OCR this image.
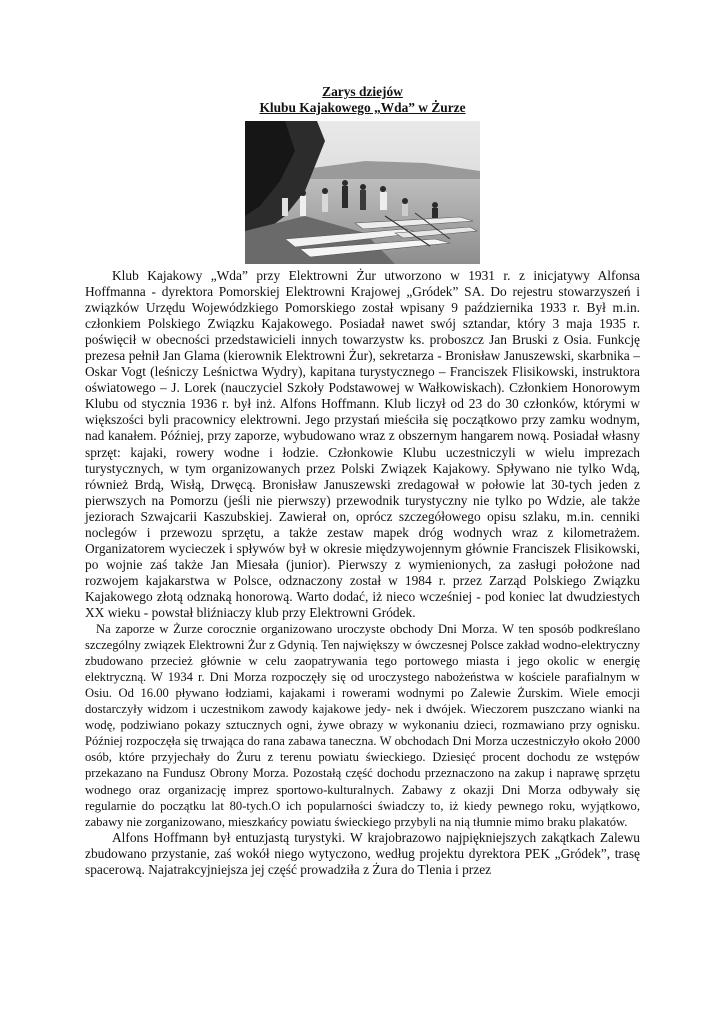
Zarys dziejów

Klubu Kajakowego „Wda” w Żurze

Klub Kajakowy „Wda” przy Elektrowni Żur utworzono w 1931 r. z inicjatywy Alfonsa Hoffmanna - dyrektora Pomorskiej Elektrowni Krajowej „Gródek” SA. Do rejestru stowarzyszeń i związków Urzędu Wojewódzkiego Pomorskiego został wpisany 9 października 1933 r. Był m.in. członkiem Polskiego Związku Kajakowego. Posiadał nawet swój sztandar, który 3 maja 1935 r. poświęcił w obecności przedstawicieli innych towarzystw ks. proboszcz Jan Bruski z Osia. Funkcję prezesa pełnił Jan Glama (kierownik Elektrowni Żur), sekretarza - Bronisław Januszewski, skarbnika – Oskar Vogt (leśniczy Leśnictwa Wydry), kapitana turystycznego – Franciszek Flisikowski, instruktora oświatowego – J. Lorek (nauczyciel Szkoły Podstawowej w Wałkowiskach). Członkiem Honorowym Klubu od stycznia 1936 r. był inż. Alfons Hoffmann. Klub liczył od 23 do 30 członków, którymi w większości byli pracownicy elektrowni. Jego przystań mieściła się początkowo przy zamku wodnym, nad kanałem. Później, przy zaporze, wybudowano wraz z obszernym hangarem nową. Posiadał własny sprzęt: kajaki, rowery wodne i łodzie. Członkowie Klubu uczestniczyli w wielu imprezach turystycznych, w tym organizowanych przez Polski Związek Kajakowy. Spływano nie tylko Wdą, również Brdą, Wisłą, Drwęcą. Bronisław Januszewski zredagował w połowie lat 30-tych jeden z pierwszych na Pomorzu (jeśli nie pierwszy) przewodnik turystyczny nie tylko po Wdzie, ale także jeziorach Szwajcarii Kaszubskiej. Zawierał on, oprócz szczegółowego opisu szlaku, m.in. cenniki noclegów i przewozu sprzętu, a także zestaw mapek dróg wodnych wraz z kilometrażem. Organizatorem wycieczek i spływów był w okresie międzywojennym głównie Franciszek Flisikowski, po wojnie zaś także Jan Miesała (junior). Pierwszy z wymienionych, za zasługi położone nad rozwojem kajakarstwa w Polsce, odznaczony został w 1984 r. przez Zarząd Polskiego Związku Kajakowego złotą odznaką honorową. Warto dodać, iż nieco wcześniej - pod koniec lat dwudziestych XX wieku - powstał bliźniaczy klub przy Elektrowni Gródek.

Na zaporze w Żurze corocznie organizowano uroczyste obchody Dni Morza. W ten sposób podkreślano szczególny związek Elektrowni Żur z Gdynią. Ten największy w ówczesnej Polsce zakład wodno-elektryczny zbudowano przecież głównie w celu zaopatrywania tego portowego miasta i jego okolic w energię elektryczną. W 1934 r. Dni Morza rozpoczęły się od uroczystego nabożeństwa w kościele parafialnym w Osiu. Od 16.00 pływano łodziami, kajakami i rowerami wodnymi po Zalewie Żurskim. Wiele emocji dostarczyły widzom i uczestnikom zawody kajakowe jedy- nek i dwójek. Wieczorem puszczano wianki na wodę, podziwiano pokazy sztucznych ogni, żywe obrazy w wykonaniu dzieci, rozmawiano przy ognisku. Później rozpoczęła się trwająca do rana zabawa taneczna. W obchodach Dni Morza uczestniczyło około 2000 osób, które przyjechały do Żuru z terenu powiatu świeckiego. Dziesięć procent dochodu ze wstępów przekazano na Fundusz Obrony Morza. Pozostałą część dochodu przeznaczono na zakup i naprawę sprzętu wodnego oraz organizację imprez sportowo-kulturalnych. Zabawy z okazji Dni Morza odbywały się regularnie do początku lat 80-tych.O ich popularności świadczy to, iż kiedy pewnego roku, wyjątkowo, zabawy nie zorganizowano, mieszkańcy powiatu świeckiego przybyli na nią tłumnie mimo braku plakatów.

Alfons Hoffmann był entuzjastą turystyki. W krajobrazowo najpiękniejszych zakątkach Zalewu zbudowano przystanie, zaś wokół niego wytyczono, według projektu dyrektora PEK „Gródek”, trasę spacerową. Najatrakcyjniejsza jej część prowadziła z Żura do Tlenia i przez
